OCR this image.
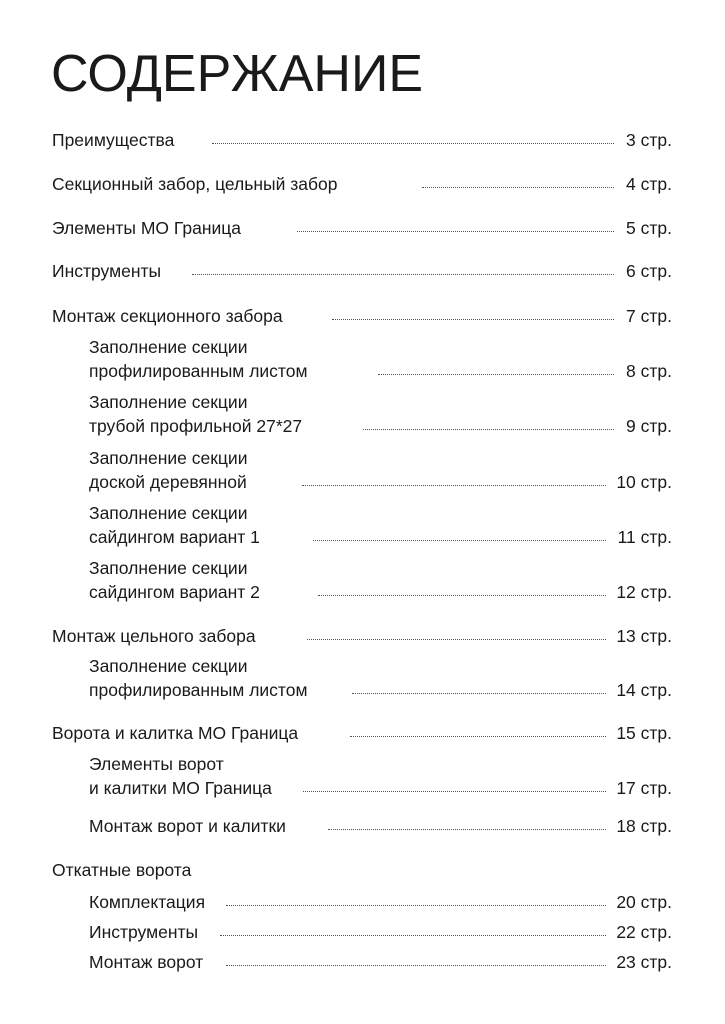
СОДЕРЖАНИЕ
Преимущества	3 стр.
Секционный забор, цельный забор	4 стр.
Элементы МО Граница	5 стр.
Инструменты	6 стр.
Монтаж секционного забора	7 стр.
Заполнение секции
профилированным листом	8 стр.
Заполнение секции
трубой профильной 27*27	9 стр.
Заполнение секции
доской деревянной	10 стр.
Заполнение секции
сайдингом вариант 1	11 стр.
Заполнение секции
сайдингом вариант 2	12 стр.
Монтаж цельного забора	13 стр.
Заполнение секции
профилированным листом	14 стр.
Ворота и калитка МО Граница	15 стр.
Элементы ворот
и калитки МО Граница	17 стр.
Монтаж ворот и калитки	18 стр.
Откатные ворота
Комплектация	20 стр.
Инструменты	22 стр.
Монтаж ворот	23 стр.
